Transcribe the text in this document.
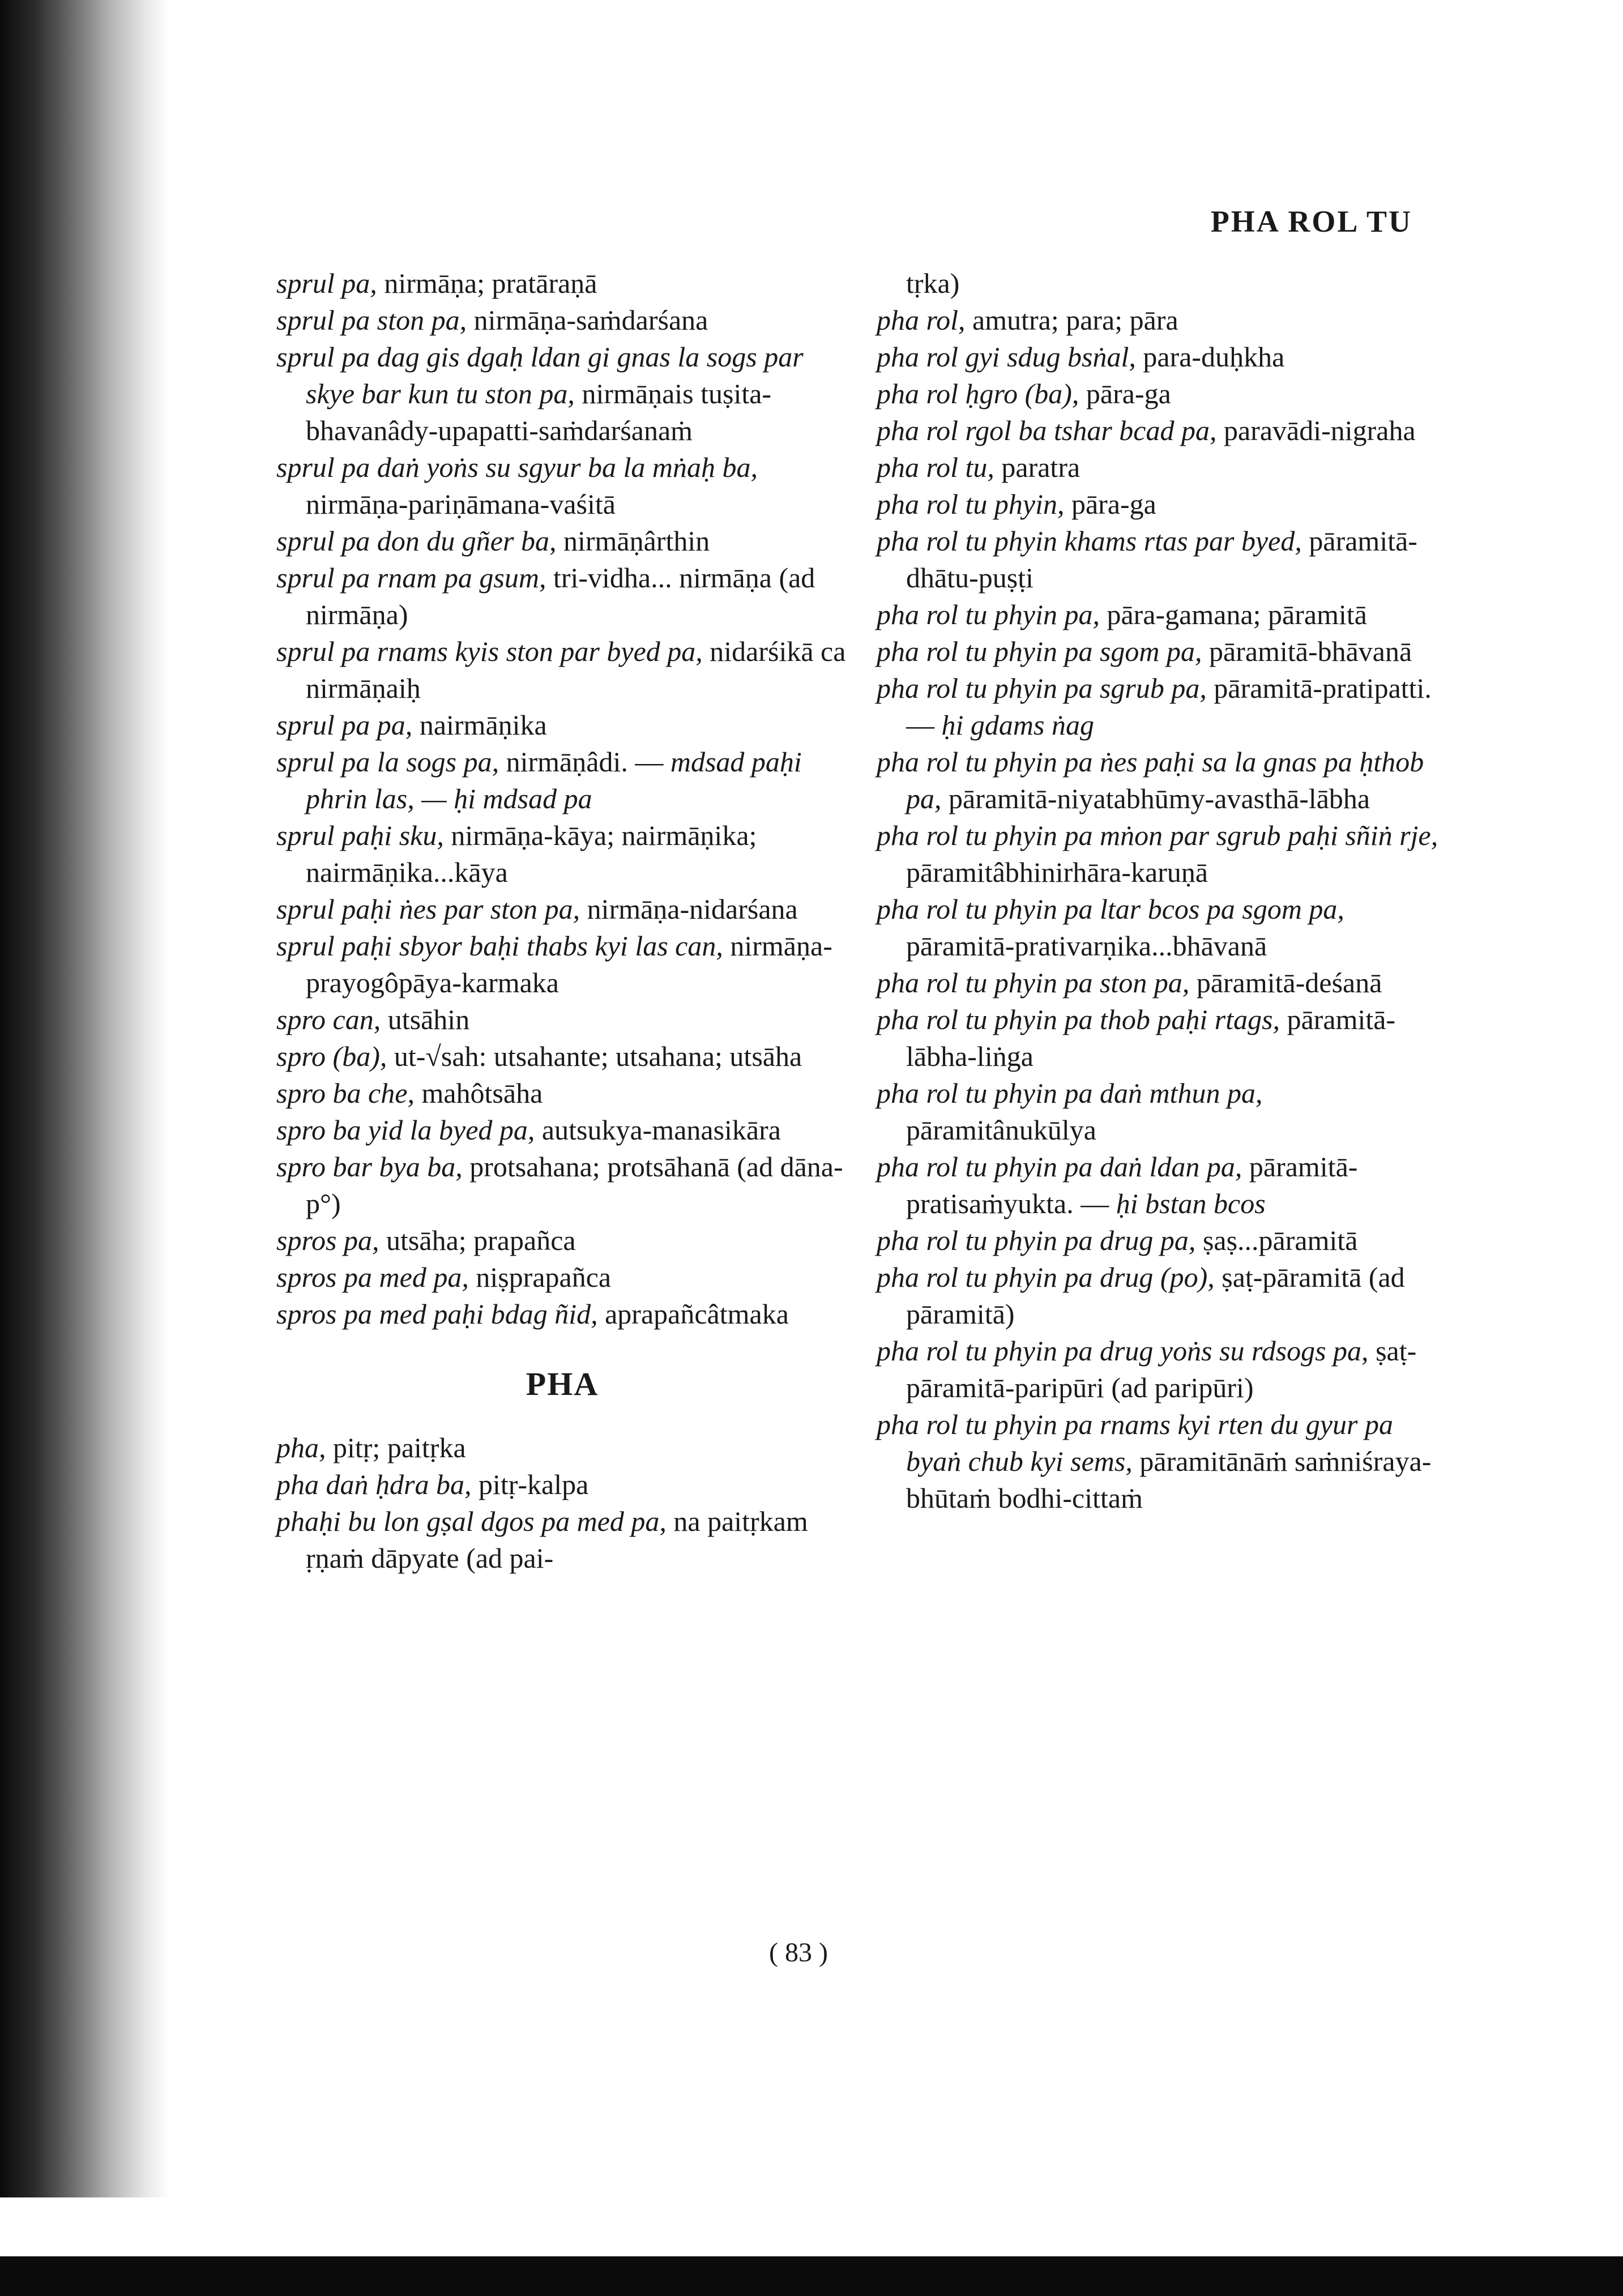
PHA ROL TU

sprul pa, nirmāṇa; pratāraṇā

sprul pa ston pa, nirmāṇa-saṁdarśana

sprul pa dag gis dgaḥ ldan gi gnas la sogs par skye bar kun tu ston pa, nirmāṇais tuṣita-bhavanâdy-upapatti-saṁdarśanaṁ

sprul pa daṅ yoṅs su sgyur ba la mṅaḥ ba, nirmāṇa-pariṇāmana-vaśitā

sprul pa don du gñer ba, nirmāṇârthin

sprul pa rnam pa gsum, tri-vidha... nirmāṇa (ad nirmāṇa)

sprul pa rnams kyis ston par byed pa, nidarśikā ca nirmāṇaiḥ

sprul pa pa, nairmāṇika

sprul pa la sogs pa, nirmāṇâdi. — mdsad paḥi phrin las, — ḥi mdsad pa

sprul paḥi sku, nirmāṇa-kāya; nairmāṇika; nairmāṇika...kāya

sprul paḥi ṅes par ston pa, nirmāṇa-nidarśana

sprul paḥi sbyor baḥi thabs kyi las can, nirmāṇa-prayogôpāya-karmaka

spro can, utsāhin

spro (ba), ut-√sah: utsahante; utsahana; utsāha

spro ba che, mahôtsāha

spro ba yid la byed pa, autsukya-manasikāra

spro bar bya ba, protsahana; protsāhanā (ad dāna-p°)

spros pa, utsāha; prapañca

spros pa med pa, niṣprapañca

spros pa med paḥi bdag ñid, aprapañcâtmaka

PHA

pha, pitṛ; paitṛka

pha daṅ ḥdra ba, pitṛ-kalpa

phaḥi bu lon gṣal dgos pa med pa, na paitṛkam ṛṇaṁ dāpyate (ad pai-

tṛka)

pha rol, amutra; para; pāra

pha rol gyi sdug bsṅal, para-duḥkha

pha rol ḥgro (ba), pāra-ga

pha rol rgol ba tshar bcad pa, paravādi-nigraha

pha rol tu, paratra

pha rol tu phyin, pāra-ga

pha rol tu phyin khams rtas par byed, pāramitā-dhātu-puṣṭi

pha rol tu phyin pa, pāra-gamana; pāramitā

pha rol tu phyin pa sgom pa, pāramitā-bhāvanā

pha rol tu phyin pa sgrub pa, pāramitā-pratipatti. — ḥi gdams ṅag

pha rol tu phyin pa ṅes paḥi sa la gnas pa ḥthob pa, pāramitā-niyatabhūmy-avasthā-lābha

pha rol tu phyin pa mṅon par sgrub paḥi sñiṅ rje, pāramitâbhinirhāra-karuṇā

pha rol tu phyin pa ltar bcos pa sgom pa, pāramitā-prativarṇika...bhāvanā

pha rol tu phyin pa ston pa, pāramitā-deśanā

pha rol tu phyin pa thob paḥi rtags, pāramitā-lābha-liṅga

pha rol tu phyin pa daṅ mthun pa, pāramitânukūlya

pha rol tu phyin pa daṅ ldan pa, pāramitā-pratisaṁyukta. — ḥi bstan bcos

pha rol tu phyin pa drug pa, ṣaṣ...pāramitā

pha rol tu phyin pa drug (po), ṣaṭ-pāramitā (ad pāramitā)

pha rol tu phyin pa drug yoṅs su rdsogs pa, ṣaṭ-pāramitā-paripūri (ad paripūri)

pha rol tu phyin pa rnams kyi rten du gyur pa byaṅ chub kyi sems, pāramitānāṁ saṁniśraya-bhūtaṁ bodhi-cittaṁ

( 83 )
